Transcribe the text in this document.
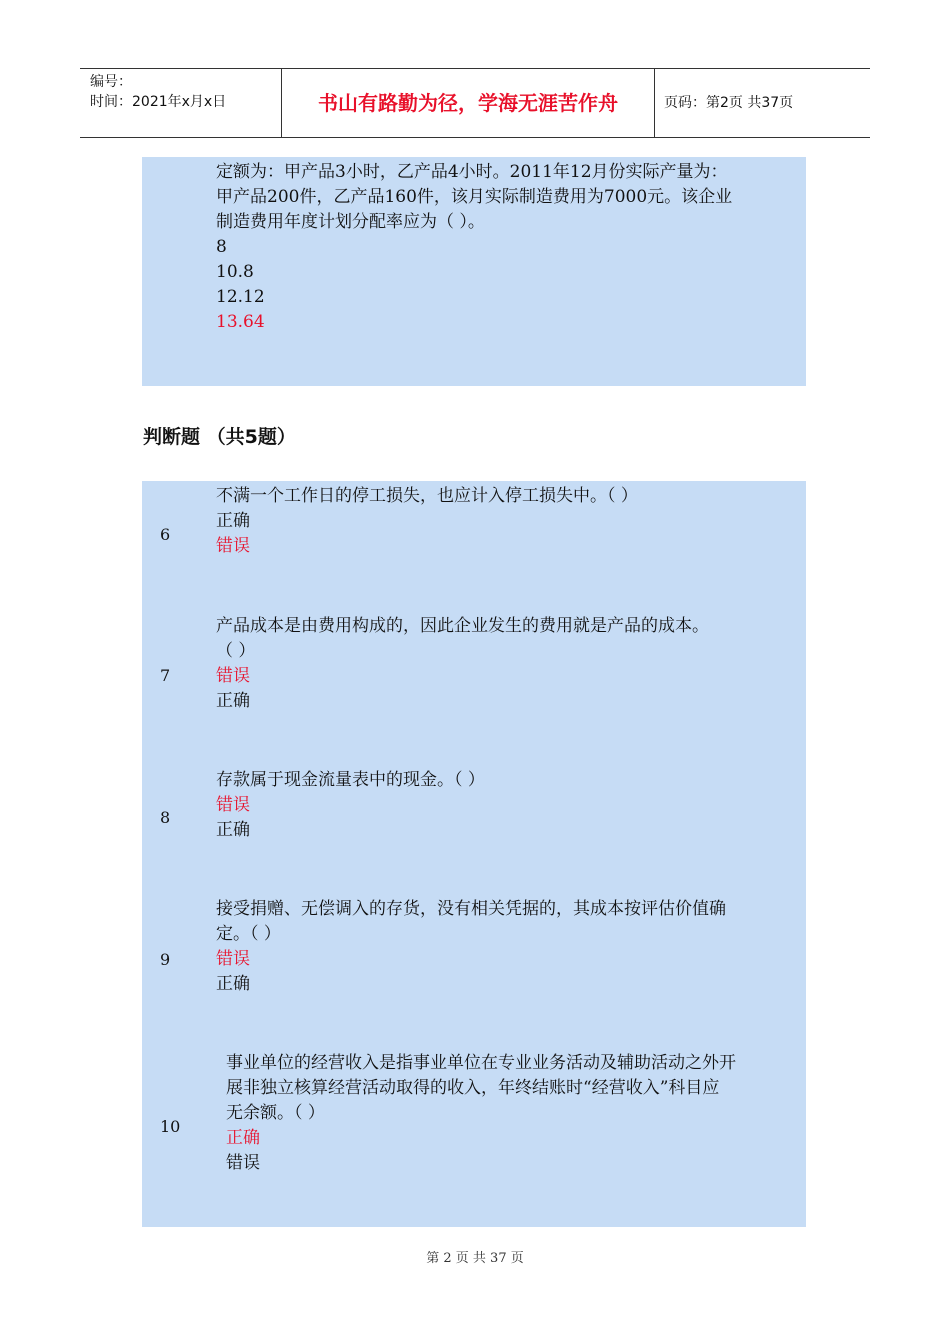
编号：
时间：2021年x月x日	书山有路勤为径，学海无涯苦作舟	页码：第2页 共37页
定额为：甲产品3小时，乙产品4小时。2011年12月份实际产量为：
甲产品200件，乙产品160件，该月实际制造费用为7000元。该企业
制造费用年度计划分配率应为（ ）。
8
10.8
12.12
13.64
判断题 （共5题）
6
不满一个工作日的停工损失，也应计入停工损失中。（ ）
正确
错误
7
产品成本是由费用构成的，因此企业发生的费用就是产品的成本。
（ ）
错误
正确
8
存款属于现金流量表中的现金。（ ）
错误
正确
9
接受捐赠、无偿调入的存货，没有相关凭据的，其成本按评估价值确
定。（ ）
错误
正确
10
事业单位的经营收入是指事业单位在专业业务活动及辅助活动之外开
展非独立核算经营活动取得的收入，年终结账时“经营收入”科目应
无余额。（ ）
正确
错误
第 2 页 共 37 页
